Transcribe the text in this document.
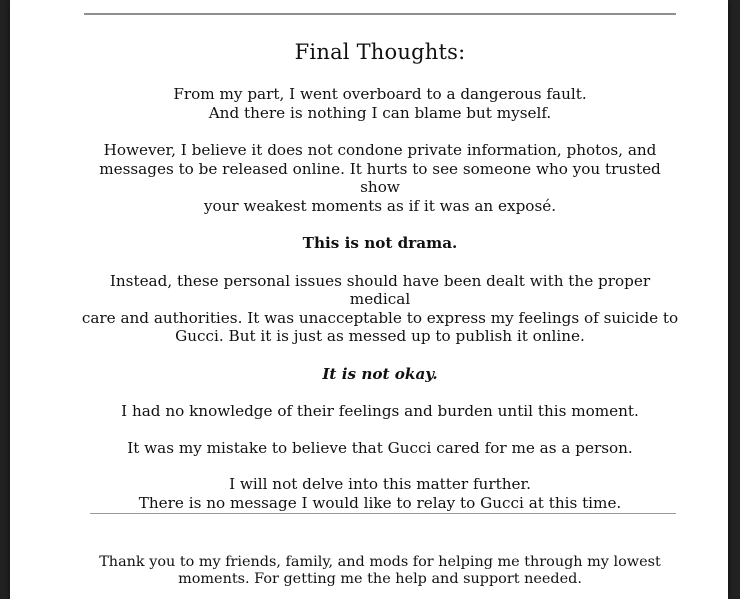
Final Thoughts:

From my part, I went overboard to a dangerous fault.
And there is nothing I can blame but myself.

However, I believe it does not condone private information, photos, and
messages to be released online. It hurts to see someone who you trusted show
your weakest moments as if it was an exposé.

This is not drama.

Instead, these personal issues should have been dealt with the proper medical
care and authorities. It was unacceptable to express my feelings of suicide to
Gucci. But it is just as messed up to publish it online.

It is not okay.

I had no knowledge of their feelings and burden until this moment.

It was my mistake to believe that Gucci cared for me as a person.

I will not delve into this matter further.
There is no message I would like to relay to Gucci at this time.

Thank you to my friends, family, and mods for helping me through my lowest
moments. For getting me the help and support needed.
